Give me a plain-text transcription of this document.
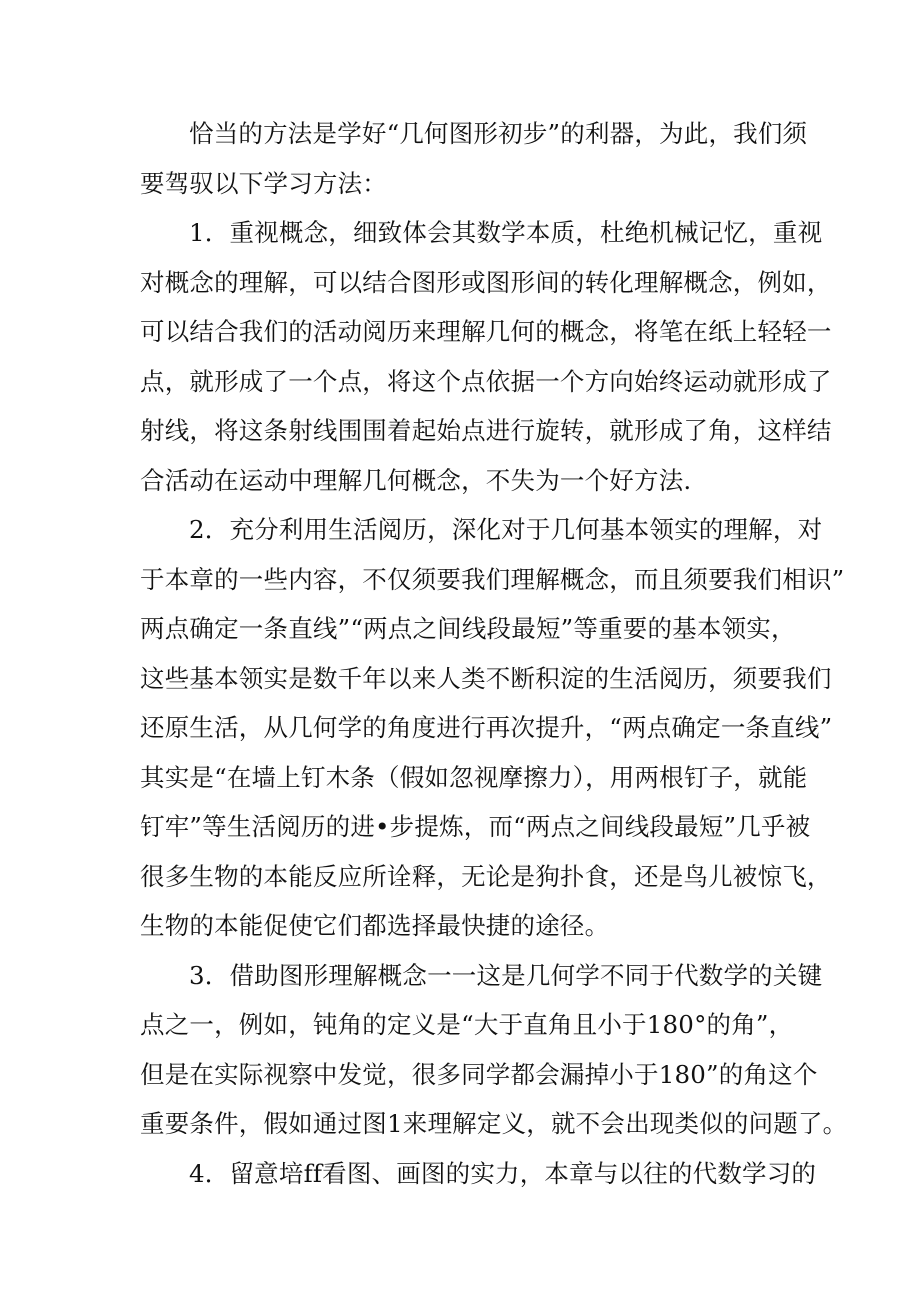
恰当的方法是学好“几何图形初步”的利器，为此，我们须
要驾驭以下学习方法：
1．重视概念，细致体会其数学本质，杜绝机械记忆，重视
对概念的理解，可以结合图形或图形间的转化理解概念，例如，
可以结合我们的活动阅历来理解几何的概念，将笔在纸上轻轻一
点，就形成了一个点，将这个点依据一个方向始终运动就形成了
射线，将这条射线围围着起始点进行旋转，就形成了角，这样结
合活动在运动中理解几何概念，不失为一个好方法.
2．充分利用生活阅历，深化对于几何基本领实的理解，对
于本章的一些内容，不仅须要我们理解概念，而且须要我们相识”
两点确定一条直线”“两点之间线段最短”等重要的基本领实，
这些基本领实是数千年以来人类不断积淀的生活阅历，须要我们
还原生活，从几何学的角度进行再次提升，“两点确定一条直线”
其实是“在墙上钉木条（假如忽视摩擦力），用两根钉子，就能
钉牢”等生活阅历的进•步提炼，而“两点之间线段最短”几乎被
很多生物的本能反应所诠释，无论是狗扑食，还是鸟儿被惊飞，
生物的本能促使它们都选择最快捷的途径。
3．借助图形理解概念一一这是几何学不同于代数学的关键
点之一，例如，钝角的定义是“大于直角且小于180°的角”，
但是在实际视察中发觉，很多同学都会漏掉小于180”的角这个
重要条件，假如通过图1来理解定义，就不会出现类似的问题了。
4．留意培ff看图、画图的实力，本章与以往的代数学习的
